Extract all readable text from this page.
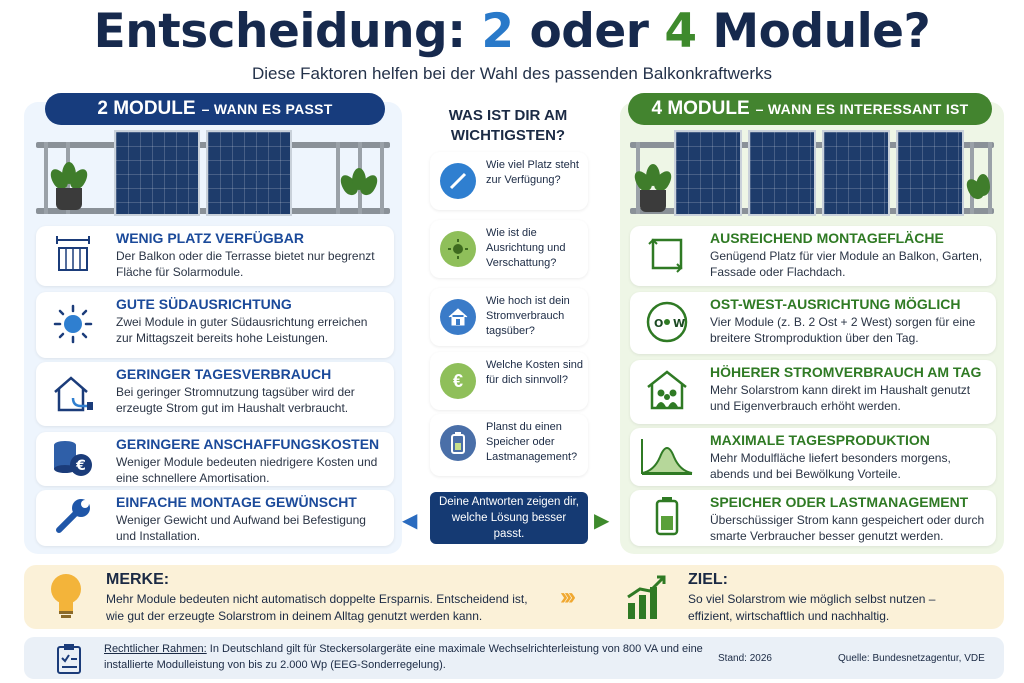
Entscheidung: 2 oder 4 Module?
Diese Faktoren helfen bei der Wahl des passenden Balkonkraftwerks
2 MODULE – WANN ES PASST	4 MODULE – WANN ES INTERESSANT IST
WENIG PLATZ VERFÜGBAR
Der Balkon oder die Terrasse bietet nur begrenzt Fläche für Solarmodule.
GUTE SÜDAUSRICHTUNG
Zwei Module in guter Südausrichtung erreichen zur Mittagszeit bereits hohe Leistungen.
GERINGER TAGESVERBRAUCH
Bei geringer Stromnutzung tagsüber wird der erzeugte Strom gut im Haushalt verbraucht.
€
GERINGERE ANSCHAFFUNGSKOSTEN
Weniger Module bedeuten niedrigere Kosten und eine schnellere Amortisation.
EINFACHE MONTAGE GEWÜNSCHT
Weniger Gewicht und Aufwand bei Befestigung und Installation.
WAS IST DIR AM WICHTIGSTEN?
Wie viel Platz steht zur Verfügung?
Wie ist die Ausrichtung und Verschattung?
Wie hoch ist dein Stromverbrauch tagsüber?
€
Welche Kosten sind für dich sinnvoll?
Planst du einen Speicher oder Lastmanagement?
◀
Deine Antworten zeigen dir, welche Lösung besser passt.
▶
AUSREICHEND MONTAGEFLÄCHE
Genügend Platz für vier Module an Balkon, Garten, Fassade oder Flachdach.
O W
OST-WEST-AUSRICHTUNG MÖGLICH
Vier Module (z. B. 2 Ost + 2 West) sorgen für eine breitere Stromproduktion über den Tag.
HÖHERER STROMVERBRAUCH AM TAG
Mehr Solarstrom kann direkt im Haushalt genutzt und Eigenverbrauch erhöht werden.
MAXIMALE TAGESPRODUKTION
Mehr Modulfläche liefert besonders morgens, abends und bei Bewölkung Vorteile.
SPEICHER ODER LASTMANAGEMENT
Überschüssiger Strom kann gespeichert oder durch smarte Verbraucher besser genutzt werden.
MERKE:
Mehr Module bedeuten nicht automatisch doppelte Ersparnis. Entscheidend ist, wie gut der erzeugte Solarstrom in deinem Alltag genutzt werden kann.
›››
ZIEL:
So viel Solarstrom wie möglich selbst nutzen – effizient, wirtschaftlich und nachhaltig.
Rechtlicher Rahmen: In Deutschland gilt für Steckersolargeräte eine maximale Wechselrichterleistung von 800 VA und eine installierte Modulleistung von bis zu 2.000 Wp (EEG-Sonderregelung).
Stand: 2026	Quelle: Bundesnetzagentur, VDE
